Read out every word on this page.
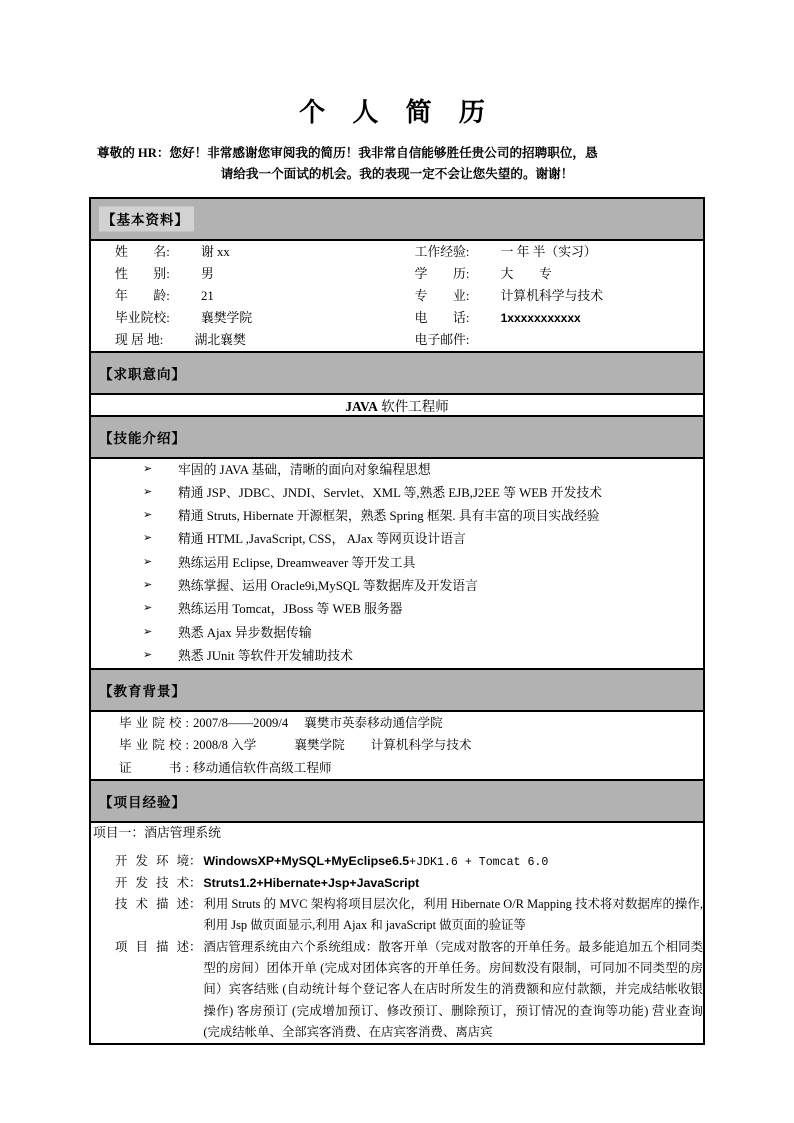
个 人 简 历
尊敬的 HR：您好！非常感谢您审阅我的简历！我非常自信能够胜任贵公司的招聘职位，恳
请给我一个面试的机会。我的表现一定不会让您失望的。谢谢！
【基本资料】

姓　　名: 谢 xx	工作经验: 一 年 半（实习）
性　　别: 男	学　　历: 大　　专
年　　龄: 21	专　　业: 计算机科学与技术
毕业院校: 襄樊学院	电　　话:	1xxxxxxxxxxx
现 居 地: 湖北襄樊	电子邮件:

【求职意向】

JAVA 软件工程师

【技能介绍】

➢ 牢固的 JAVA 基础，清晰的面向对象编程思想
➢ 精通 JSP、JDBC、JNDI、Servlet、XML 等,熟悉 EJB,J2EE 等 WEB 开发技术
➢ 精通 Struts, Hibernate 开源框架，熟悉 Spring 框架. 具有丰富的项目实战经验
➢ 精通 HTML ,JavaScript, CSS， AJax 等网页设计语言
➢ 熟练运用 Eclipse, Dreamweaver 等开发工具
➢ 熟练掌握、运用 Oracle9i,MySQL 等数据库及开发语言
➢ 熟练运用 Tomcat，JBoss 等 WEB 服务器
➢ 熟悉 Ajax 异步数据传输
➢ 熟悉 JUnit 等软件开发辅助技术

【教育背景】

毕业院校: 2007/8——2009/4 襄樊市英泰移动通信学院
毕业院校: 2008/8 入学	襄樊学院 计算机科学与技术
证　　书: 移动通信软件高级工程师

【项目经验】

项目一：酒店管理系统
开发环境 ： WindowsXP+MySQL+MyEclipse6.5+JDK1.6 + Tomcat 6.0
开发技术 ： Struts1.2+Hibernate+Jsp+JavaScript
技术描述 ： 利用 Struts 的 MVC 架构将项目层次化，利用 Hibernate O/R Mapping 技术将对数据库的操作,利用 Jsp 做页面显示,利用 Ajax 和 javaScript 做页面的验证等
项目描述 ： 酒店管理系统由六个系统组成：散客开单（完成对散客的开单任务。最多能追加五个相同类型的房间）团体开单 (完成对团体宾客的开单任务。房间数没有限制，可同加不同类型的房间）宾客结账 (自动统计每个登记客人在店时所发生的消费额和应付款额，并完成结帐收银操作) 客房预订 (完成增加预订、修改预订、删除预订，预订情况的查询等功能) 营业查询 (完成结帐单、全部宾客消费、在店宾客消费、离店宾
